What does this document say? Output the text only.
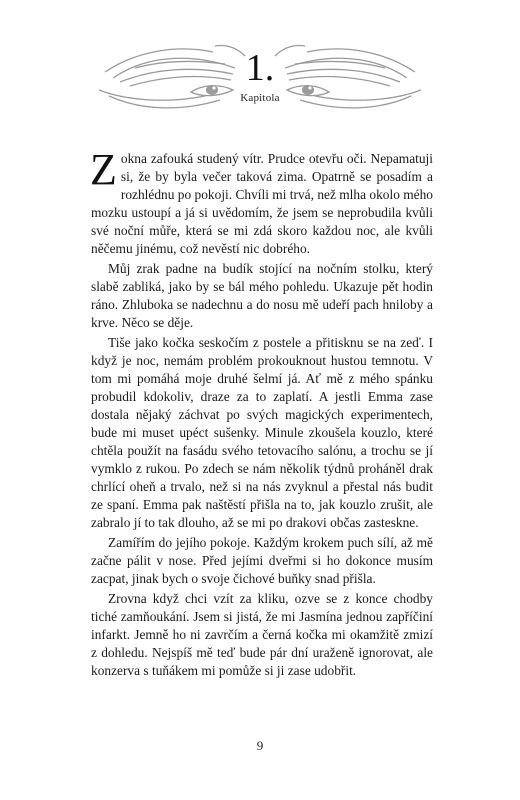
1.
Kapitola

Z okna zafouká studený vítr. Prudce otevřu oči. Nepamatuji si, že by byla večer taková zima. Opatrně se posadím a rozhlédnu po pokoji. Chvíli mi trvá, než mlha okolo mého mozku ustoupí a já si uvědomím, že jsem se neprobudila kvůli své noční můře, která se mi zdá skoro každou noc, ale kvůli něčemu jinému, což nevěstí nic dobrého.

Můj zrak padne na budík stojící na nočním stolku, který slabě zabliká, jako by se bál mého pohledu. Ukazuje pět hodin ráno. Zhluboka se nadechnu a do nosu mě udeří pach hniloby a krve. Něco se děje.

Tiše jako kočka seskočím z postele a přitisknu se na zeď. I když je noc, nemám problém prokouknout hustou temnotu. V tom mi pomáhá moje druhé šelmí já. Ať mě z mého spánku probudil kdokoliv, draze za to zaplatí. A jestli Emma zase dostala nějaký záchvat po svých magických experimentech, bude mi muset upéct sušenky. Minule zkoušela kouzlo, které chtěla použít na fasádu svého tetovacího salónu, a trochu se jí vymklo z rukou. Po zdech se nám několik týdnů proháněl drak chrlící oheň a trvalo, než si na nás zvyknul a přestal nás budit ze spaní. Emma pak naštěstí přišla na to, jak kouzlo zrušit, ale zabralo jí to tak dlouho, až se mi po drakovi občas zasteskne.

Zamířím do jejího pokoje. Každým krokem puch sílí, až mě začne pálit v nose. Před jejími dveřmi si ho dokonce musím zacpat, jinak bych o svoje čichové buňky snad přišla.

Zrovna když chci vzít za kliku, ozve se z konce chodby tiché zamňoukání. Jsem si jistá, že mi Jasmína jednou zapříčiní infarkt. Jemně ho ni zavrčím a černá kočka mi okamžitě zmizí z dohledu. Nejspíš mě teď bude pár dní uraženě ignorovat, ale konzerva s tuňákem mi pomůže si ji zase udobřit.

9
